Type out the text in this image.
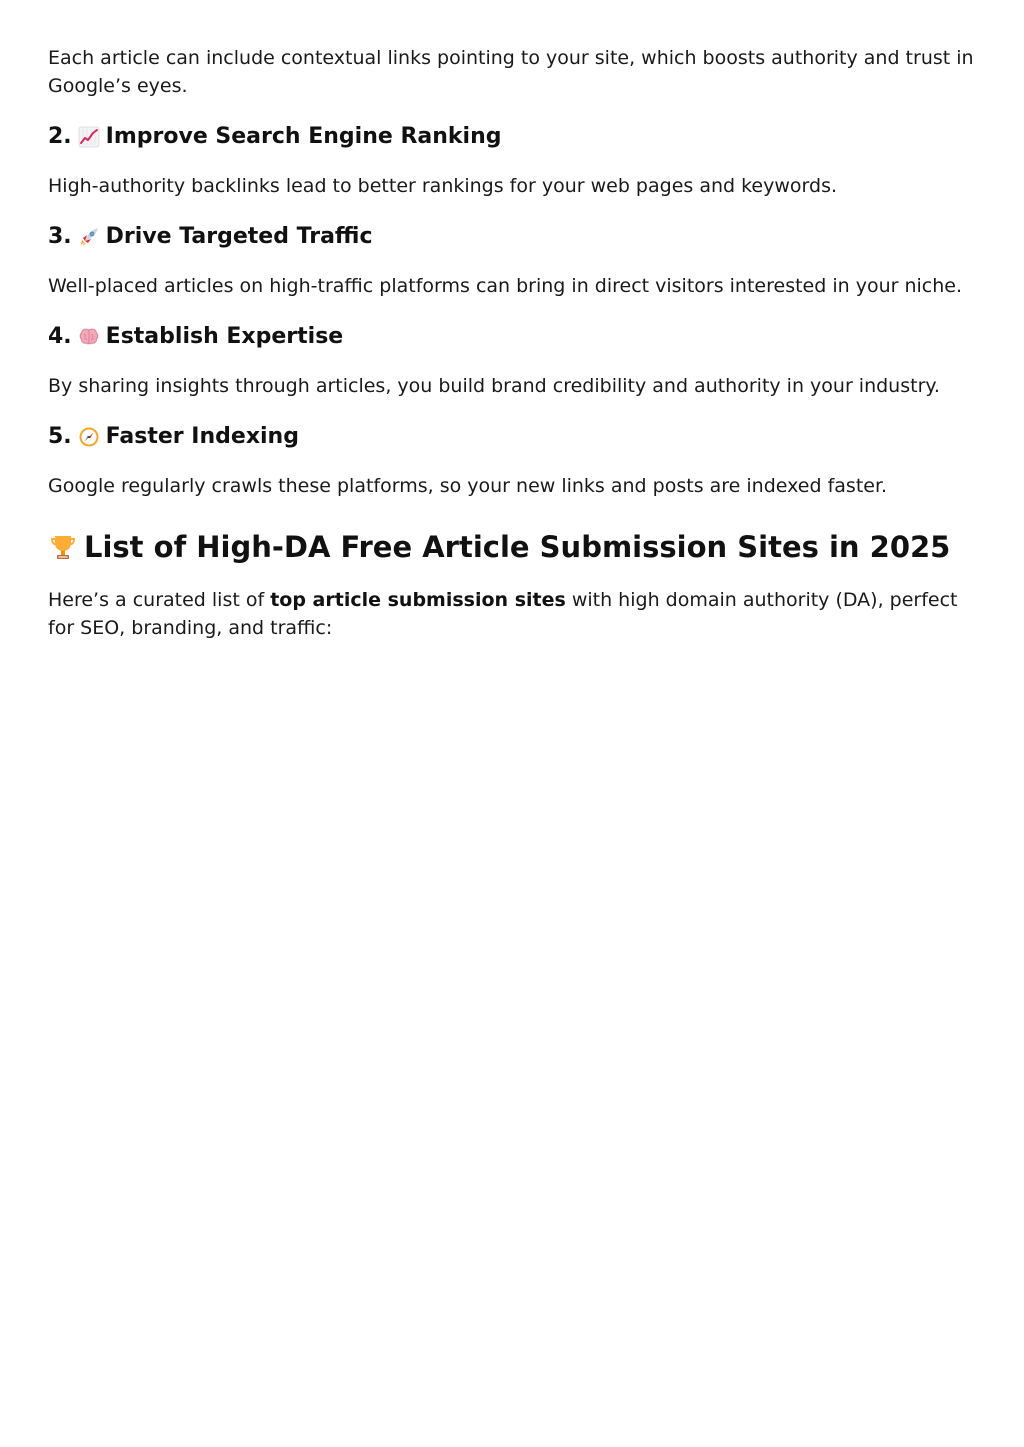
Each article can include contextual links pointing to your site, which boosts authority and trust in Google’s eyes.

2. Improve Search Engine Ranking

High-authority backlinks lead to better rankings for your web pages and keywords.

3. Drive Targeted Traffic

Well-placed articles on high-traffic platforms can bring in direct visitors interested in your niche.

4. Establish Expertise

By sharing insights through articles, you build brand credibility and authority in your industry.

5. Faster Indexing

Google regularly crawls these platforms, so your new links and posts are indexed faster.

List of High-DA Free Article Submission Sites in 2025

Here’s a curated list of top article submission sites with high domain authority (DA), perfect for SEO, branding, and traffic:
